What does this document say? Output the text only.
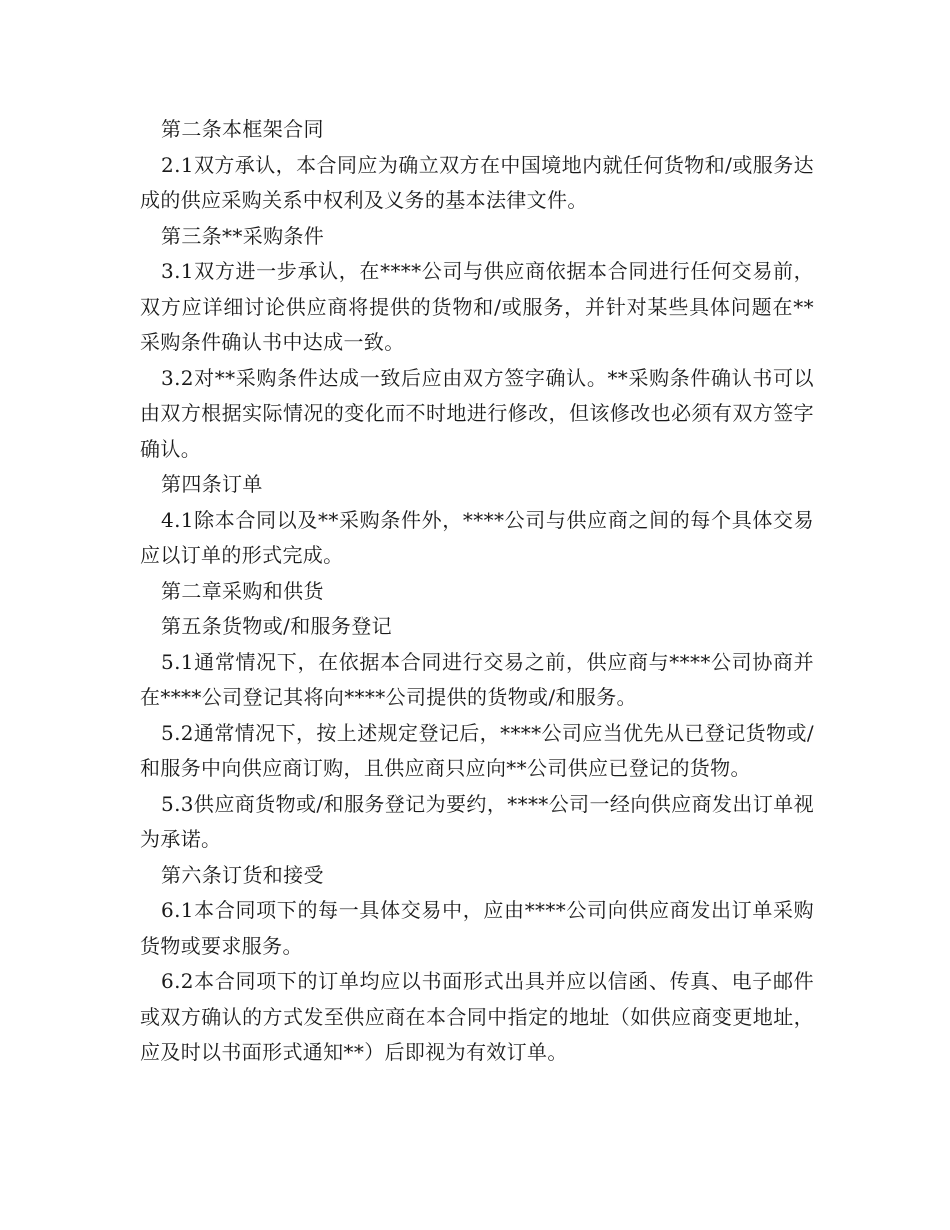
第二条本框架合同

2.1双方承认，本合同应为确立双方在中国境地内就任何货物和/或服务达成的供应采购关系中权利及义务的基本法律文件。

第三条**采购条件

3.1双方进一步承认，在****公司与供应商依据本合同进行任何交易前，双方应详细讨论供应商将提供的货物和/或服务，并针对某些具体问题在**采购条件确认书中达成一致。

3.2对**采购条件达成一致后应由双方签字确认。**采购条件确认书可以由双方根据实际情况的变化而不时地进行修改，但该修改也必须有双方签字确认。

第四条订单

4.1除本合同以及**采购条件外，****公司与供应商之间的每个具体交易应以订单的形式完成。

第二章采购和供货

第五条货物或/和服务登记

5.1通常情况下，在依据本合同进行交易之前，供应商与****公司协商并在****公司登记其将向****公司提供的货物或/和服务。

5.2通常情况下，按上述规定登记后，****公司应当优先从已登记货物或/和服务中向供应商订购，且供应商只应向**公司供应已登记的货物。

5.3供应商货物或/和服务登记为要约，****公司一经向供应商发出订单视为承诺。

第六条订货和接受

6.1本合同项下的每一具体交易中，应由****公司向供应商发出订单采购货物或要求服务。

6.2本合同项下的订单均应以书面形式出具并应以信函、传真、电子邮件或双方确认的方式发至供应商在本合同中指定的地址（如供应商变更地址，应及时以书面形式通知**）后即视为有效订单。
